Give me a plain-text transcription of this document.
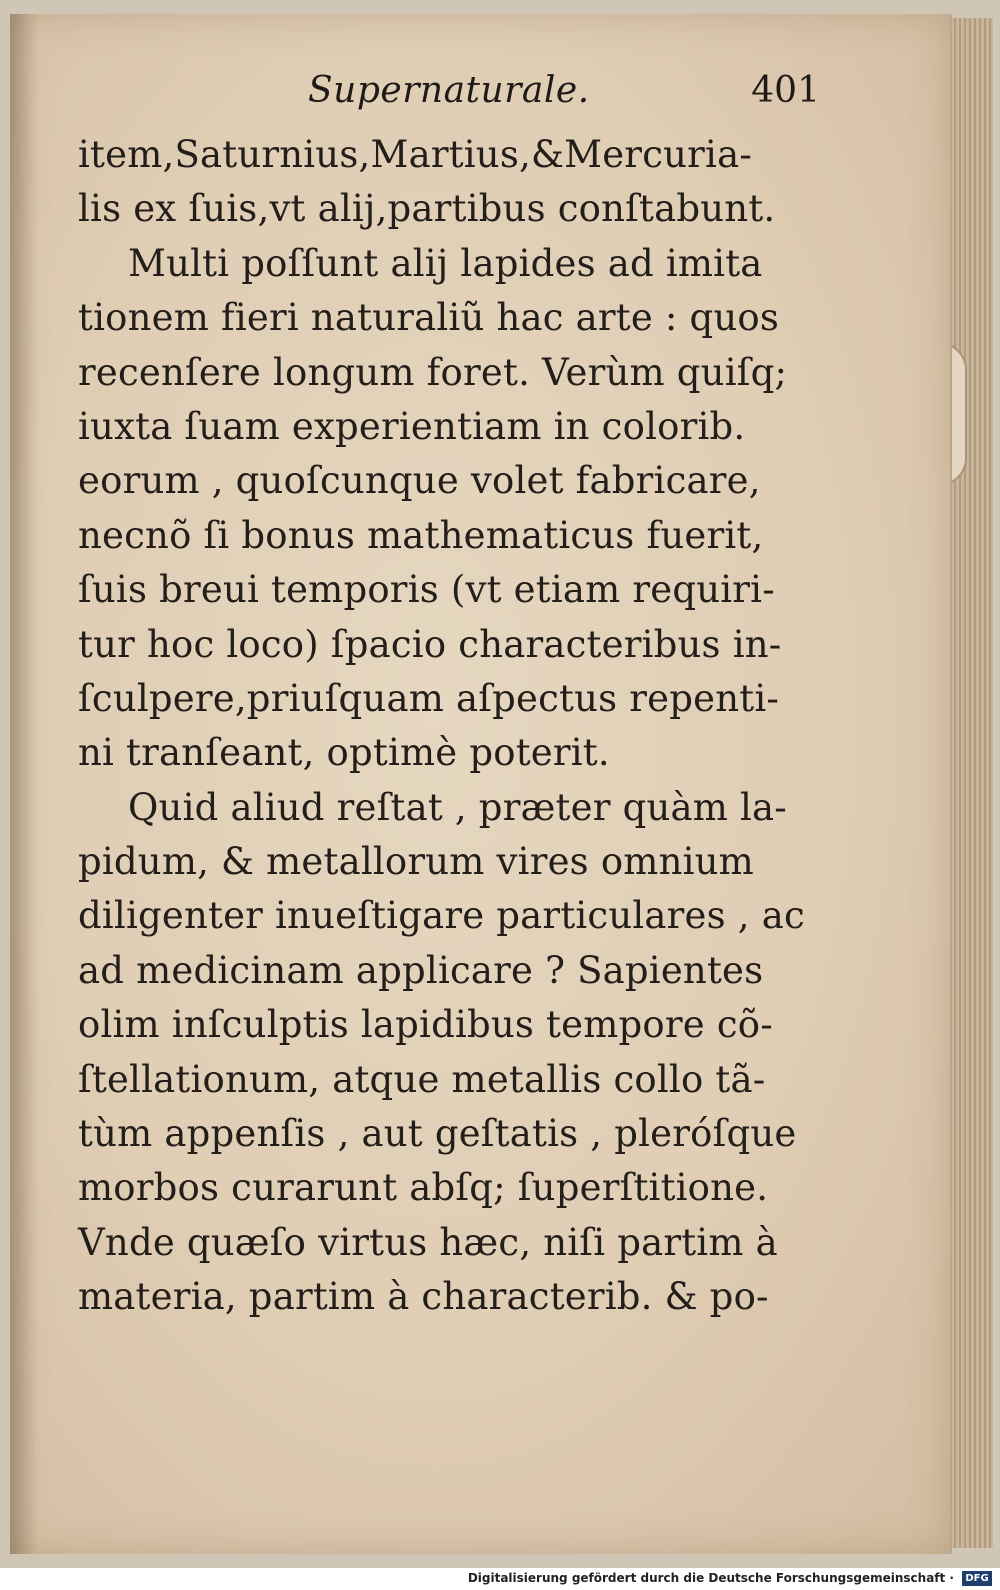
Supernaturale.	401
item,Saturnius,Martius,&Mercuria-
lis ex ſuis,vt alij,partibus conſtabunt.
Multi poſſunt alij lapides ad imita
tionem fieri naturaliũ hac arte : quos
recenſere longum foret. Verùm quiſq;
iuxta ſuam experientiam in colorib.
eorum , quoſcunque volet fabricare,
necnõ ſi bonus mathematicus fuerit,
ſuis breui temporis (vt etiam requiri-
tur hoc loco) ſpacio characteribus in-
ſculpere,priuſquam aſpectus repenti-
ni tranſeant, optimè poterit.
Quid aliud reſtat , præter quàm la-
pidum, & metallorum vires omnium
diligenter inueſtigare particulares , ac
ad medicinam applicare ? Sapientes
olim inſculptis lapidibus tempore cõ-
ſtellationum, atque metallis collo tã-
tùm appenſis , aut geſtatis , pleróſque
morbos curarunt abſq; ſuperſtitione.
Vnde quæſo virtus hæc, niſi partim à
materia, partim à characterib. & po-
Digitalisierung gefördert durch die Deutsche Forschungsgemeinschaft ·	DFG
